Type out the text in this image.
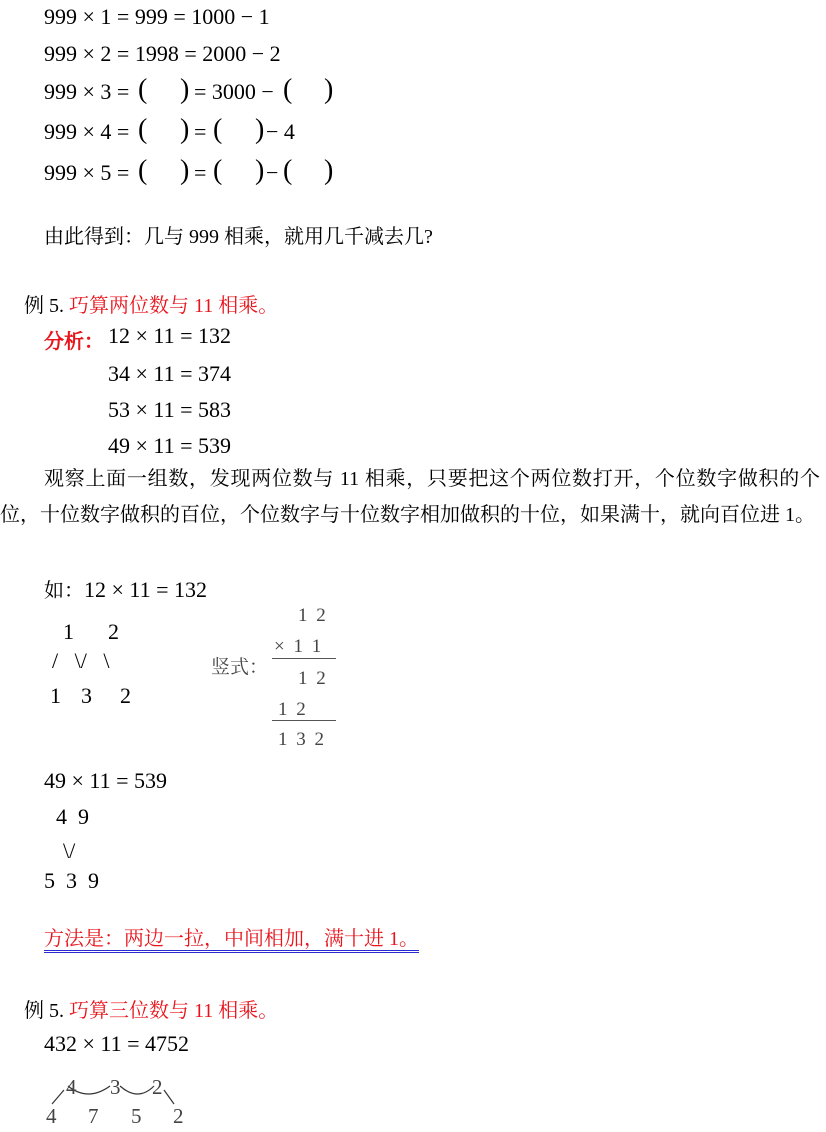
999 × 1 = 999 = 1000 − 1
999 × 2 = 1998 = 2000 − 2
999 × 3 = ( ) = 3000 − ( )
999 × 4 = ( ) = ( ) − 4
999 × 5 = ( ) = ( ) − ( )
由此得到：几与 999 相乘，就用几千减去几?
例 5. 巧算两位数与 11 相乘。
分析： 12 × 11 = 132
34 × 11 = 374
53 × 11 = 583
49 × 11 = 539
观察上面一组数，发现两位数与 11 相乘，只要把这个两位数打开，个位数字做积的个位，十位数字做积的百位，个位数字与十位数字相加做积的十位，如果满十，就向百位进 1。
如：12 × 11 = 132
1 2
/   \/   \
1 3 2
竖式：
1 2
× 1 1
1 2
1 2
1 3 2
49 × 11 = 539
4  9
\/
5  3  9
方法是：两边一拉，中间相加，满十进 1。
例 5. 巧算三位数与 11 相乘。
432 × 11 = 4752
4 3 2
4 7 5 2
